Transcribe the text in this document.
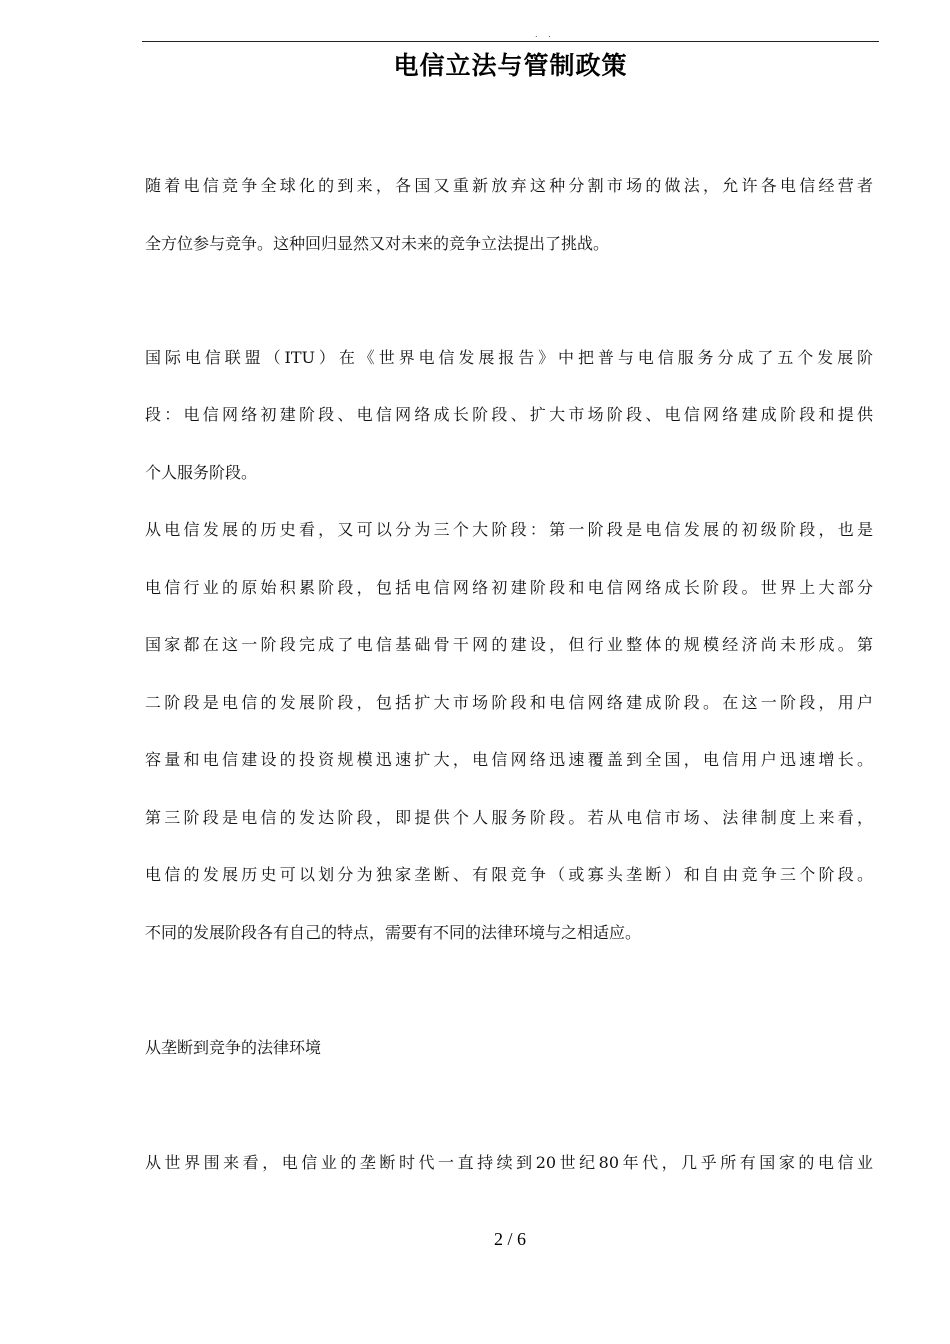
. .
电信立法与管制政策

随着电信竞争全球化的到来，各国又重新放弃这种分割市场的做法，允许各电信经营者

全方位参与竞争。这种回归显然又对未来的竞争立法提出了挑战。

国际电信联盟（ITU）在《世界电信发展报告》中把普与电信服务分成了五个发展阶

段：电信网络初建阶段、电信网络成长阶段、扩大市场阶段、电信网络建成阶段和提供

个人服务阶段。

从电信发展的历史看，又可以分为三个大阶段：第一阶段是电信发展的初级阶段，也是

电信行业的原始积累阶段，包括电信网络初建阶段和电信网络成长阶段。世界上大部分

国家都在这一阶段完成了电信基础骨干网的建设，但行业整体的规模经济尚未形成。第

二阶段是电信的发展阶段，包括扩大市场阶段和电信网络建成阶段。在这一阶段，用户

容量和电信建设的投资规模迅速扩大，电信网络迅速覆盖到全国，电信用户迅速增长。

第三阶段是电信的发达阶段，即提供个人服务阶段。若从电信市场、法律制度上来看，

电信的发展历史可以划分为独家垄断、有限竞争（或寡头垄断）和自由竞争三个阶段。

不同的发展阶段各有自己的特点，需要有不同的法律环境与之相适应。

从垄断到竞争的法律环境

从世界围来看，电信业的垄断时代一直持续到20世纪80年代，几乎所有国家的电信业

2 / 6
